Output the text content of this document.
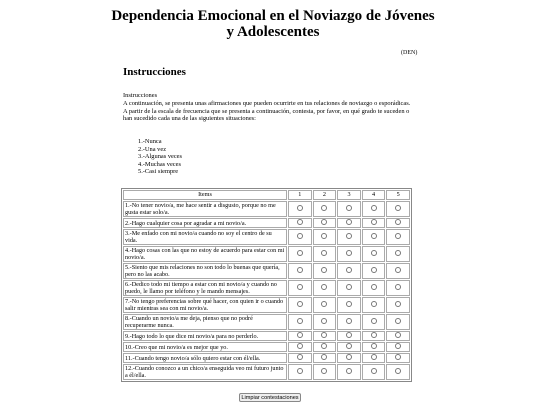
Dependencia Emocional en el Noviazgo de Jóvenes y Adolescentes
(DEN)
Instrucciones
Instrucciones
A continuación, se presenta unas afirmaciones que pueden ocurrirte en tus relaciones de noviazgo o esporádicas. A partir de la escala de frecuencia que se presenta a continuación, contesta, por favor, en qué grado te suceden o han sucedido cada una de las siguientes situaciones:
1.-Nunca
2.-Una vez
3.-Algunas veces
4.-Muchas veces
5.-Casi siempre
Items	1	2	3	4	5
1.-No tener novio/a, me hace sentir a disgusto, porque no me gusta estar solo/a.					
2.-Hago cualquier cosa por agradar a mi novio/a.					
3.-Me enfado con mi novio/a cuando no soy el centro de su vida.					
4.-Hago cosas con las que no estoy de acuerdo para estar con mi novio/a.					
5.-Siento que mis relaciones no son todo lo buenas que quería, pero no las acabo.					
6.-Dedico todo mi tiempo a estar con mi novio/a y cuando no puedo, le llamo por teléfono y le mando mensajes.					
7.-No tengo preferencias sobre qué hacer, con quien ir o cuando salir mientras sea con mi novio/a.					
8.-Cuando un novio/a me deja, pienso que no podré recuperarme nunca.					
9.-Hago todo lo que dice mi novio/a para no perderlo.					
10.-Creo que mi novio/a es mejor que yo.					
11.-Cuando tengo novio/a sólo quiero estar con él/ella.					
12.-Cuando conozco a un chico/a enseguida veo mi futuro junto a él/ella.					
Limpiar contestaciones
